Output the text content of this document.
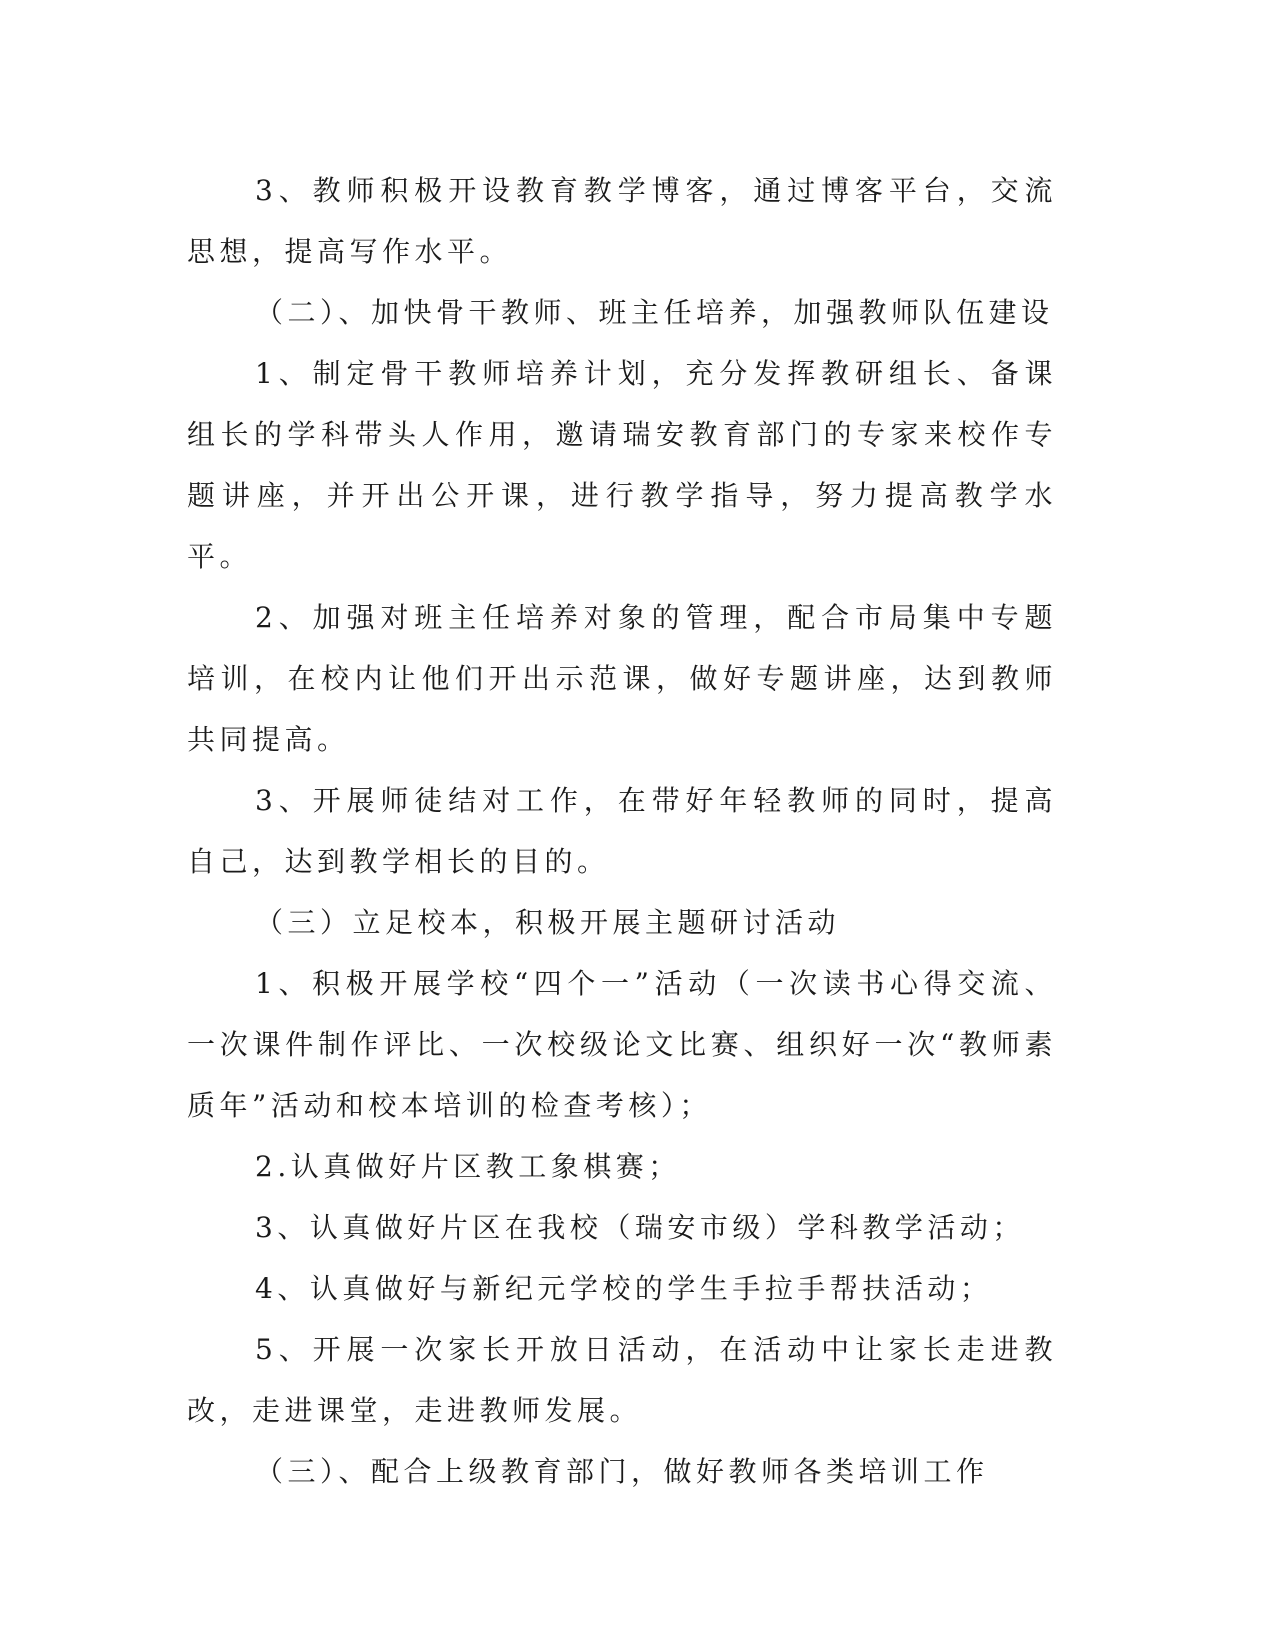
3、教师积极开设教育教学博客，通过博客平台，交流思想，提高写作水平。

（二）、加快骨干教师、班主任培养，加强教师队伍建设

1、制定骨干教师培养计划，充分发挥教研组长、备课组长的学科带头人作用，邀请瑞安教育部门的专家来校作专题讲座，并开出公开课，进行教学指导，努力提高教学水平。

2、加强对班主任培养对象的管理，配合市局集中专题培训，在校内让他们开出示范课，做好专题讲座，达到教师共同提高。

3、开展师徒结对工作，在带好年轻教师的同时，提高自己，达到教学相长的目的。

（三）立足校本，积极开展主题研讨活动

1、积极开展学校“四个一”活动（一次读书心得交流、一次课件制作评比、一次校级论文比赛、组织好一次“教师素质年”活动和校本培训的检查考核）；

2.认真做好片区教工象棋赛；

3、认真做好片区在我校（瑞安市级）学科教学活动；

4、认真做好与新纪元学校的学生手拉手帮扶活动；

5、开展一次家长开放日活动，在活动中让家长走进教改，走进课堂，走进教师发展。

（三）、配合上级教育部门，做好教师各类培训工作
